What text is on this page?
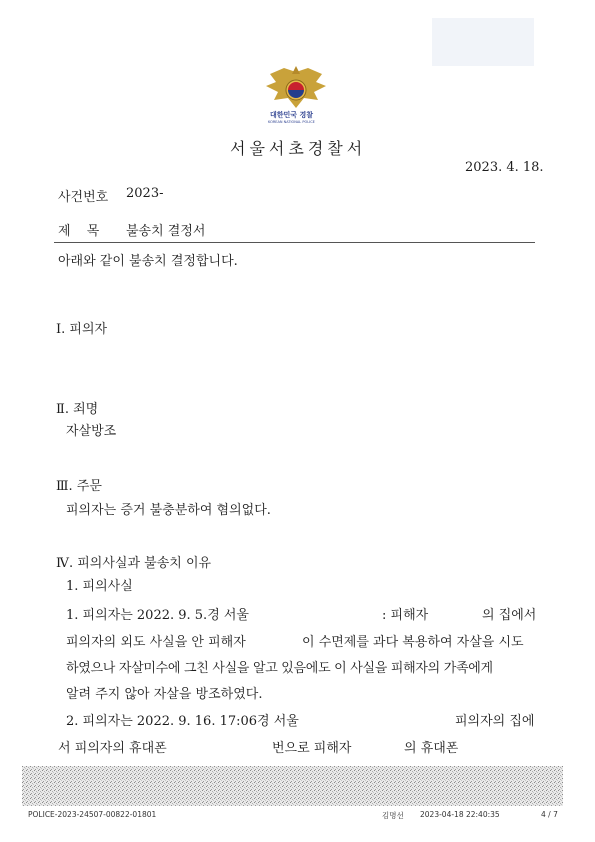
대한민국 경찰
KOREAN NATIONAL POLICE
서울서초경찰서
2023. 4. 18.
사건번호 2023-
제 목 불송치 결정서
아래와 같이 불송치 결정합니다.
Ⅰ. 피의자
Ⅱ. 죄명
자살방조
Ⅲ. 주문
피의자는 증거 불충분하여 혐의없다.
Ⅳ. 피의사실과 불송치 이유
1. 피의사실
1. 피의자는 2022. 9. 5.경 서울	: 피해자	의 집에서
피의자의 외도 사실을 안 피해자	이 수면제를 과다 복용하여 자살을 시도
하였으나 자살미수에 그친 사실을 알고 있음에도 이 사실을 피해자의 가족에게
알려 주지 않아 자살을 방조하였다.
2. 피의자는 2022. 9. 16. 17:06경 서울	피의자의 집에
서 피의자의 휴대폰	번으로 피해자	의 휴대폰
POLICE-2023-24507-00822-01801	김명선 2023-04-18 22:40:35	4 / 7
